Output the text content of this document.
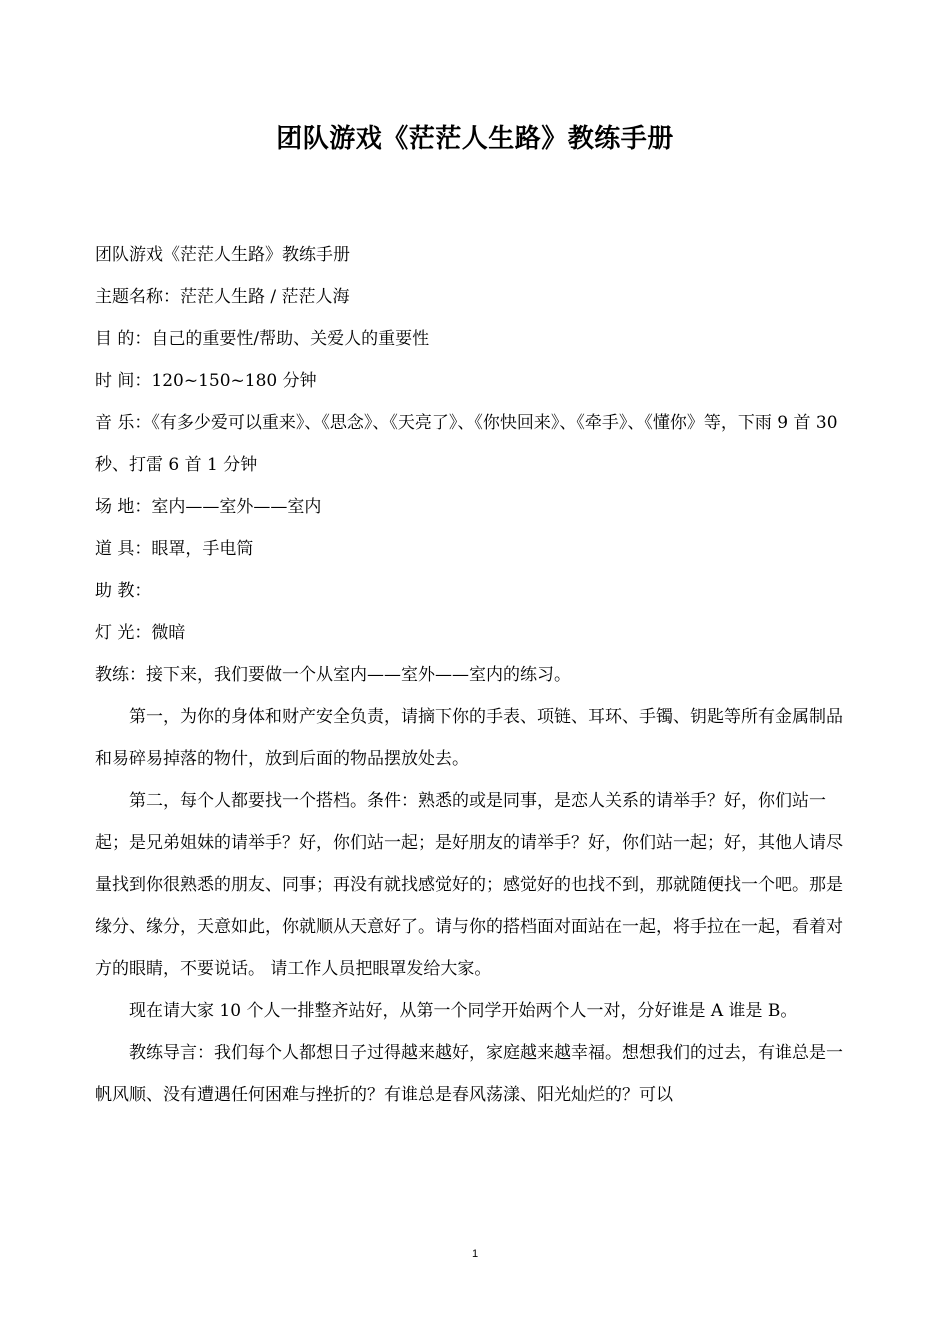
团队游戏《茫茫人生路》教练手册

团队游戏《茫茫人生路》教练手册

主题名称：茫茫人生路 / 茫茫人海

目 的：自己的重要性/帮助、关爱人的重要性

时 间：120~150~180 分钟

音 乐：《有多少爱可以重来》、《思念》、《天亮了》、《你快回来》、《牵手》、《懂你》等，下雨 9 首 30 秒、打雷 6 首 1 分钟

场 地：室内——室外——室内

道 具：眼罩，手电筒

助 教：

灯 光：微暗

教练：接下来，我们要做一个从室内——室外——室内的练习。

第一，为你的身体和财产安全负责，请摘下你的手表、项链、耳环、手镯、钥匙等所有金属制品和易碎易掉落的物什，放到后面的物品摆放处去。

第二，每个人都要找一个搭档。条件：熟悉的或是同事，是恋人关系的请举手？好，你们站一起；是兄弟姐妹的请举手？好，你们站一起；是好朋友的请举手？好，你们站一起；好，其他人请尽量找到你很熟悉的朋友、同事；再没有就找感觉好的；感觉好的也找不到，那就随便找一个吧。那是缘分、缘分，天意如此，你就顺从天意好了。请与你的搭档面对面站在一起，将手拉在一起，看着对方的眼睛，不要说话。 请工作人员把眼罩发给大家。

现在请大家 10 个人一排整齐站好，从第一个同学开始两个人一对，分好谁是 A 谁是 B。

教练导言：我们每个人都想日子过得越来越好，家庭越来越幸福。想想我们的过去，有谁总是一帆风顺、没有遭遇任何困难与挫折的？有谁总是春风荡漾、阳光灿烂的？可以

1
